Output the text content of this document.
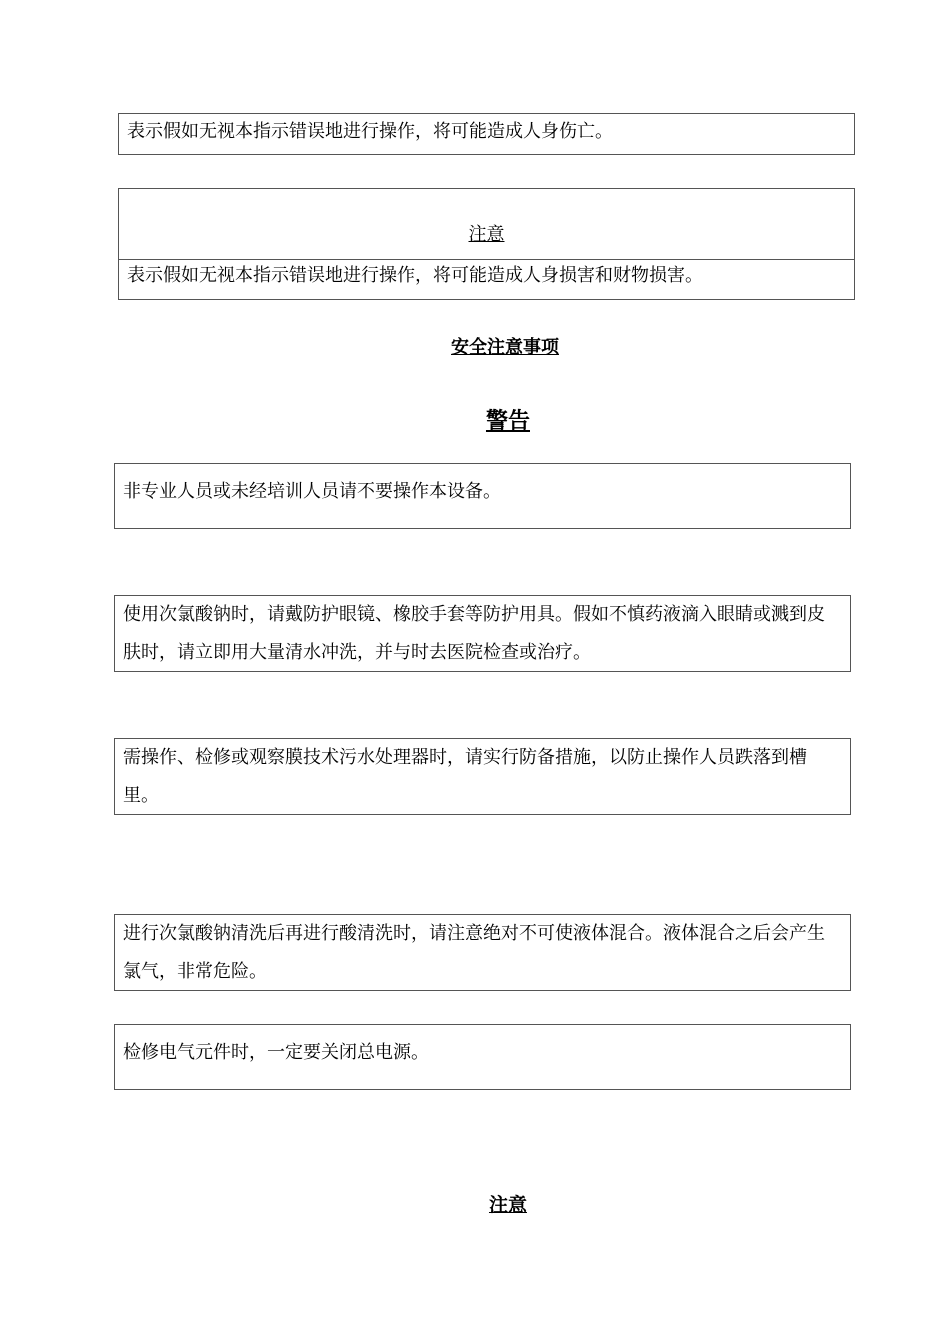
表示假如无视本指示错误地进行操作，将可能造成人身伤亡。
注意
表示假如无视本指示错误地进行操作，将可能造成人身损害和财物损害。
安全注意事项
警告
非专业人员或未经培训人员请不要操作本设备。
使用次氯酸钠时，请戴防护眼镜、橡胶手套等防护用具。假如不慎药液滴入眼睛或溅到皮肤时，请立即用大量清水冲洗，并与时去医院检查或治疗。
需操作、检修或观察膜技术污水处理器时，请实行防备措施，以防止操作人员跌落到槽里。
进行次氯酸钠清洗后再进行酸清洗时，请注意绝对不可使液体混合。液体混合之后会产生氯气，非常危险。
检修电气元件时，一定要关闭总电源。
注意
